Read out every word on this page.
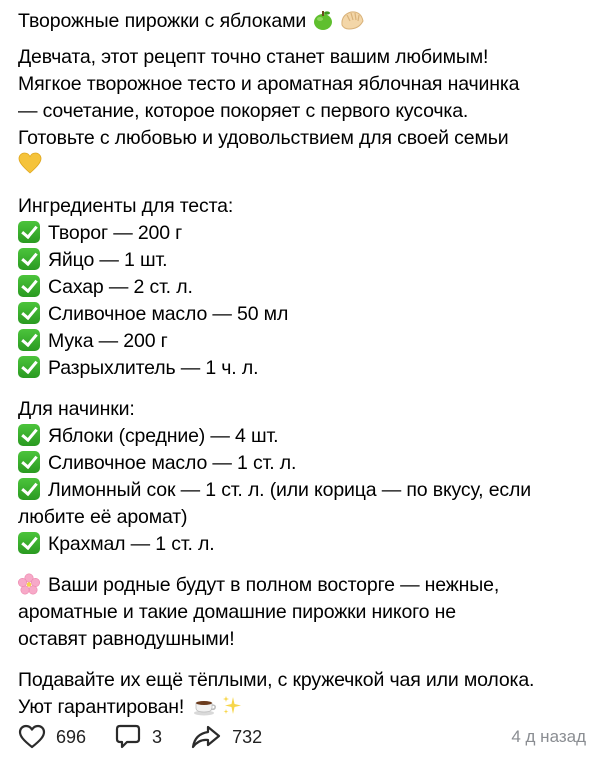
Творожные пирожки с яблоками
Девчата, этот рецепт точно станет вашим любимым!
Мягкое творожное тесто и ароматная яблочная начинка
— сочетание, которое покоряет с первого кусочка.
Готовьте с любовью и удовольствием для своей семьи
Ингредиенты для теста:
Творог — 200 г
Яйцо — 1 шт.
Сахар — 2 ст. л.
Сливочное масло — 50 мл
Мука — 200 г
Разрыхлитель — 1 ч. л.
Для начинки:
Яблоки (средние) — 4 шт.
Сливочное масло — 1 ст. л.
Лимонный сок — 1 ст. л. (или корица — по вкусу, если любите её аромат)
Крахмал — 1 ст. л.
Ваши родные будут в полном восторге — нежные,
ароматные и такие домашние пирожки никого не
оставят равнодушными!
Подавайте их ещё тёплыми, с кружечкой чая или молока.
Уют гарантирован!
696	3	732	4 д назад
